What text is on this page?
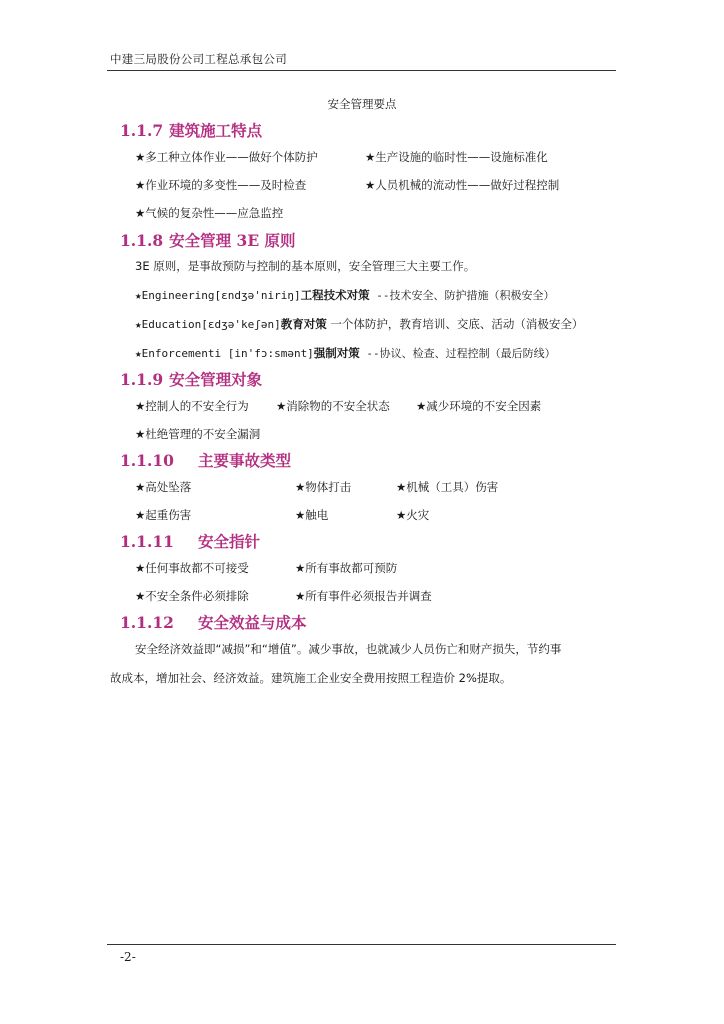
中建三局股份公司工程总承包公司
安全管理要点
1.1.7 建筑施工特点
★多工种立体作业——做好个体防护	★生产设施的临时性——设施标准化
★作业环境的多变性——及时检查	★人员机械的流动性——做好过程控制
★气候的复杂性——应急监控
1.1.8 安全管理 3E 原则
3E 原则，是事故预防与控制的基本原则，安全管理三大主要工作。
★Engineering[εndʒə'niriŋ]工程技术对策 --技术安全、防护措施（积极安全）
★Education[εdʒə'keʃən]教育对策 一个体防护，教育培训、交底、活动（消极安全）
★Enforcementi [in'fɔ:smənt]强制对策 --协议、检查、过程控制（最后防线）
1.1.9 安全管理对象
★控制人的不安全行为 ★消除物的不安全状态 ★减少环境的不安全因素
★杜绝管理的不安全漏洞
1.1.10 主要事故类型
★高处坠落	★物体打击	★机械（工具）伤害
★起重伤害	★触电	★火灾
1.1.11 安全指针
★任何事故都不可接受	★所有事故都可预防
★不安全条件必须排除	★所有事件必须报告并调查
1.1.12 安全效益与成本
安全经济效益即“减损”和“增值”。减少事故，也就减少人员伤亡和财产损失，节约事
故成本，增加社会、经济效益。建筑施工企业安全费用按照工程造价 2%提取。
-2-
